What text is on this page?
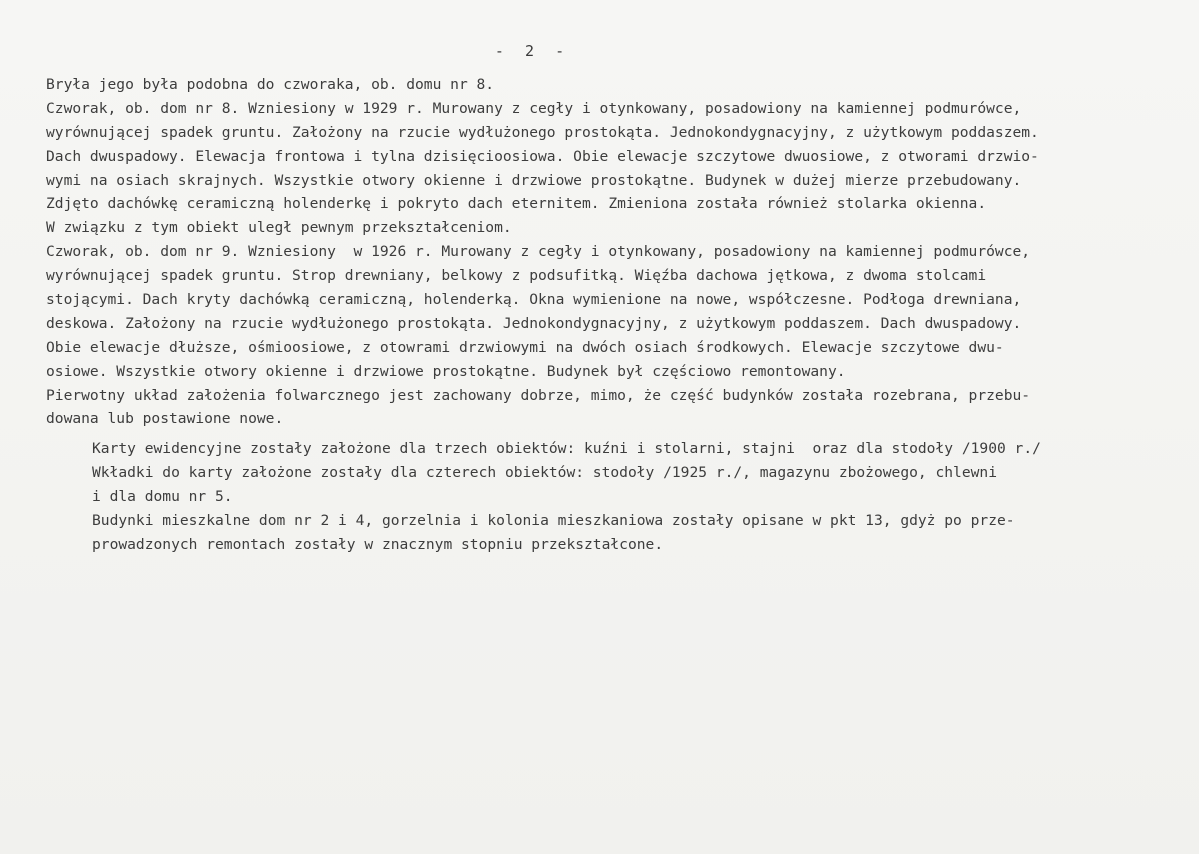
-  2  -
Bryła jego była podobna do czworaka, ob. domu nr 8.
Czworak, ob. dom nr 8. Wzniesiony w 1929 r. Murowany z cegły i otynkowany, posadowiony na kamiennej podmurówce,
wyrównującej spadek gruntu. Założony na rzucie wydłużonego prostokąta. Jednokondygnacyjny, z użytkowym poddaszem.
Dach dwuspadowy. Elewacja frontowa i tylna dzisięcioosiowa. Obie elewacje szczytowe dwuosiowe, z otworami drzwio-
wymi na osiach skrajnych. Wszystkie otwory okienne i drzwiowe prostokątne. Budynek w dużej mierze przebudowany.
Zdjęto dachówkę ceramiczną holenderkę i pokryto dach eternitem. Zmieniona została również stolarka okienna.
W związku z tym obiekt uległ pewnym przekształceniom.
Czworak, ob. dom nr 9. Wzniesiony  w 1926 r. Murowany z cegły i otynkowany, posadowiony na kamiennej podmurówce,
wyrównującej spadek gruntu. Strop drewniany, belkowy z podsufitką. Więźba dachowa jętkowa, z dwoma stolcami
stojącymi. Dach kryty dachówką ceramiczną, holenderką. Okna wymienione na nowe, współczesne. Podłoga drewniana,
deskowa. Założony na rzucie wydłużonego prostokąta. Jednokondygnacyjny, z użytkowym poddaszem. Dach dwuspadowy.
Obie elewacje dłuższe, ośmioosiowe, z otowrami drzwiowymi na dwóch osiach środkowych. Elewacje szczytowe dwu-
osiowe. Wszystkie otwory okienne i drzwiowe prostokątne. Budynek był częściowo remontowany.
Pierwotny układ założenia folwarcznego jest zachowany dobrze, mimo, że część budynków została rozebrana, przebu-
dowana lub postawione nowe.
Karty ewidencyjne zostały założone dla trzech obiektów: kuźni i stolarni, stajni  oraz dla stodoły /1900 r./
Wkładki do karty założone zostały dla czterech obiektów: stodoły /1925 r./, magazynu zbożowego, chlewni
i dla domu nr 5.
Budynki mieszkalne dom nr 2 i 4, gorzelnia i kolonia mieszkaniowa zostały opisane w pkt 13, gdyż po prze-
prowadzonych remontach zostały w znacznym stopniu przekształcone.
